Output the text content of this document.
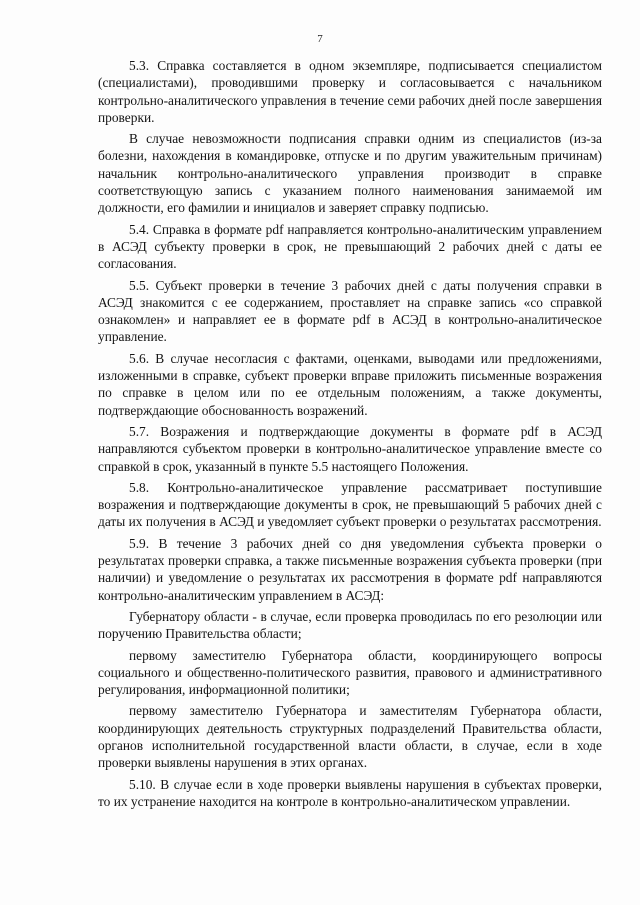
7

5.3. Справка составляется в одном экземпляре, подписывается специалистом (специалистами), проводившими проверку и согласовывается с начальником контрольно-аналитического управления в течение семи рабочих дней после завершения проверки.

В случае невозможности подписания справки одним из специалистов (из-за болезни, нахождения в командировке, отпуске и по другим уважительным причинам) начальник контрольно-аналитического управления производит в справке соответствующую запись с указанием полного наименования занимаемой им должности, его фамилии и инициалов и заверяет справку подписью.

5.4. Справка в формате pdf направляется контрольно-аналитическим управлением в АСЭД субъекту проверки в срок, не превышающий 2 рабочих дней с даты ее согласования.

5.5. Субъект проверки в течение 3 рабочих дней с даты получения справки в АСЭД знакомится с ее содержанием, проставляет на справке запись «со справкой ознакомлен» и направляет ее в формате pdf в АСЭД в контрольно-аналитическое управление.

5.6. В случае несогласия с фактами, оценками, выводами или предложениями, изложенными в справке, субъект проверки вправе приложить письменные возражения по справке в целом или по ее отдельным положениям, а также документы, подтверждающие обоснованность возражений.

5.7. Возражения и подтверждающие документы в формате pdf в АСЭД направляются субъектом проверки в контрольно-аналитическое управление вместе со справкой в срок, указанный в пункте 5.5 настоящего Положения.

5.8. Контрольно-аналитическое управление рассматривает поступившие возражения и подтверждающие документы в срок, не превышающий 5 рабочих дней с даты их получения в АСЭД и уведомляет субъект проверки о результатах рассмотрения.

5.9. В течение 3 рабочих дней со дня уведомления субъекта проверки о результатах проверки справка, а также письменные возражения субъекта проверки (при наличии) и уведомление о результатах их рассмотрения в формате pdf направляются контрольно-аналитическим управлением в АСЭД:

Губернатору области - в случае, если проверка проводилась по его резолюции или поручению Правительства области;

первому заместителю Губернатора области, координирующего вопросы социального и общественно-политического развития, правового и административного регулирования, информационной политики;

первому заместителю Губернатора и заместителям Губернатора области, координирующих деятельность структурных подразделений Правительства области, органов исполнительной государственной власти области, в случае, если в ходе проверки выявлены нарушения в этих органах.

5.10. В случае если в ходе проверки выявлены нарушения в субъектах проверки, то их устранение находится на контроле в контрольно-аналитическом управлении.
